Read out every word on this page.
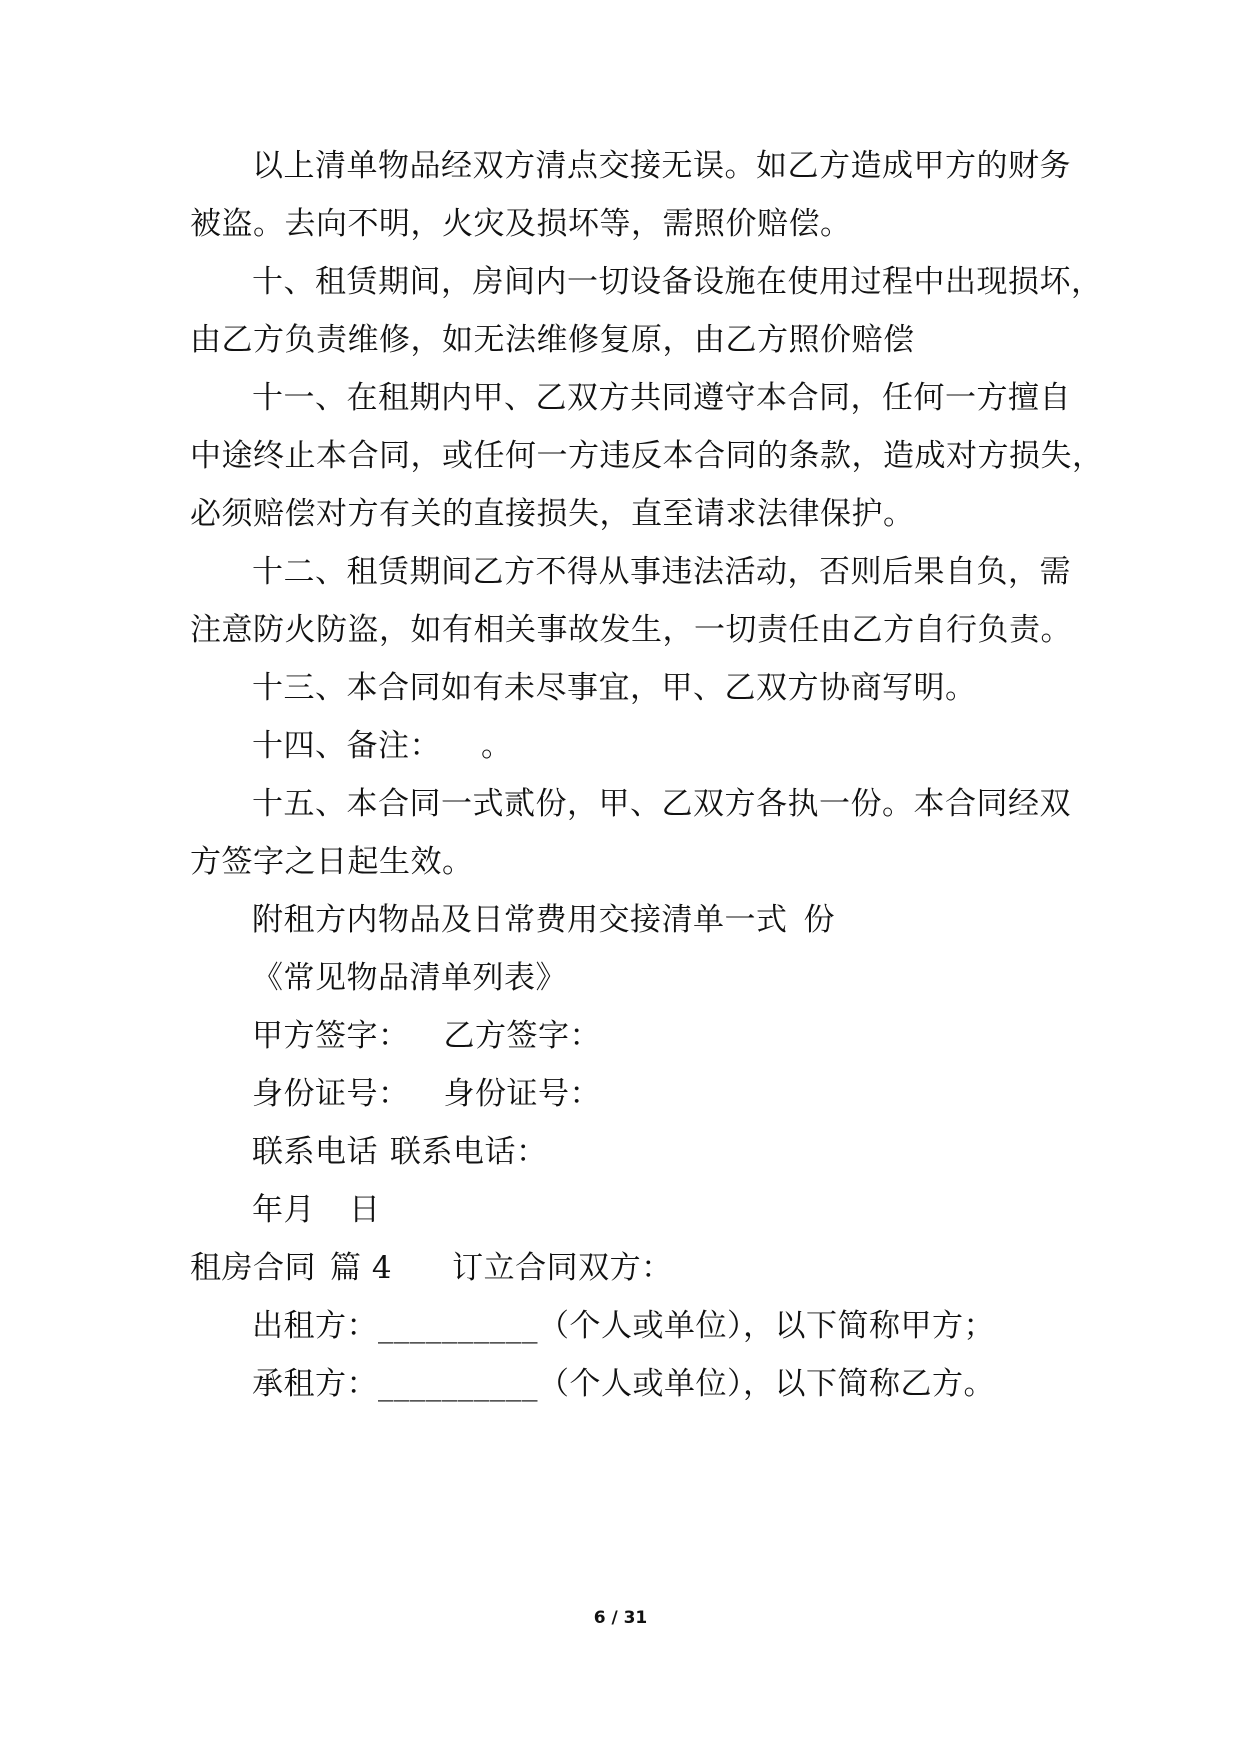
以上清单物品经双方清点交接无误。如乙方造成甲方的财务
被盗。去向不明，火灾及损坏等，需照价赔偿。
十、租赁期间，房间内一切设备设施在使用过程中出现损坏，
由乙方负责维修，如无法维修复原，由乙方照价赔偿
十一、在租期内甲、乙双方共同遵守本合同，任何一方擅自
中途终止本合同，或任何一方违反本合同的条款，造成对方损失，
必须赔偿对方有关的直接损失，直至请求法律保护。
十二、租赁期间乙方不得从事违法活动，否则后果自负，需
注意防火防盗，如有相关事故发生，一切责任由乙方自行负责。
十三、本合同如有未尽事宜，甲、乙双方协商写明。
十四、备注： 。
十五、本合同一式贰份，甲、乙双方各执一份。本合同经双
方签字之日起生效。
附租方内物品及日常费用交接清单一式 份
《常见物品清单列表》
甲方签字： 乙方签字：
身份证号： 身份证号：
联系电话 联系电话：
年月 日
租房合同 篇 4 订立合同双方：
出租方：__________（个人或单位），以下简称甲方；
承租方：__________（个人或单位），以下简称乙方。
6 / 31
